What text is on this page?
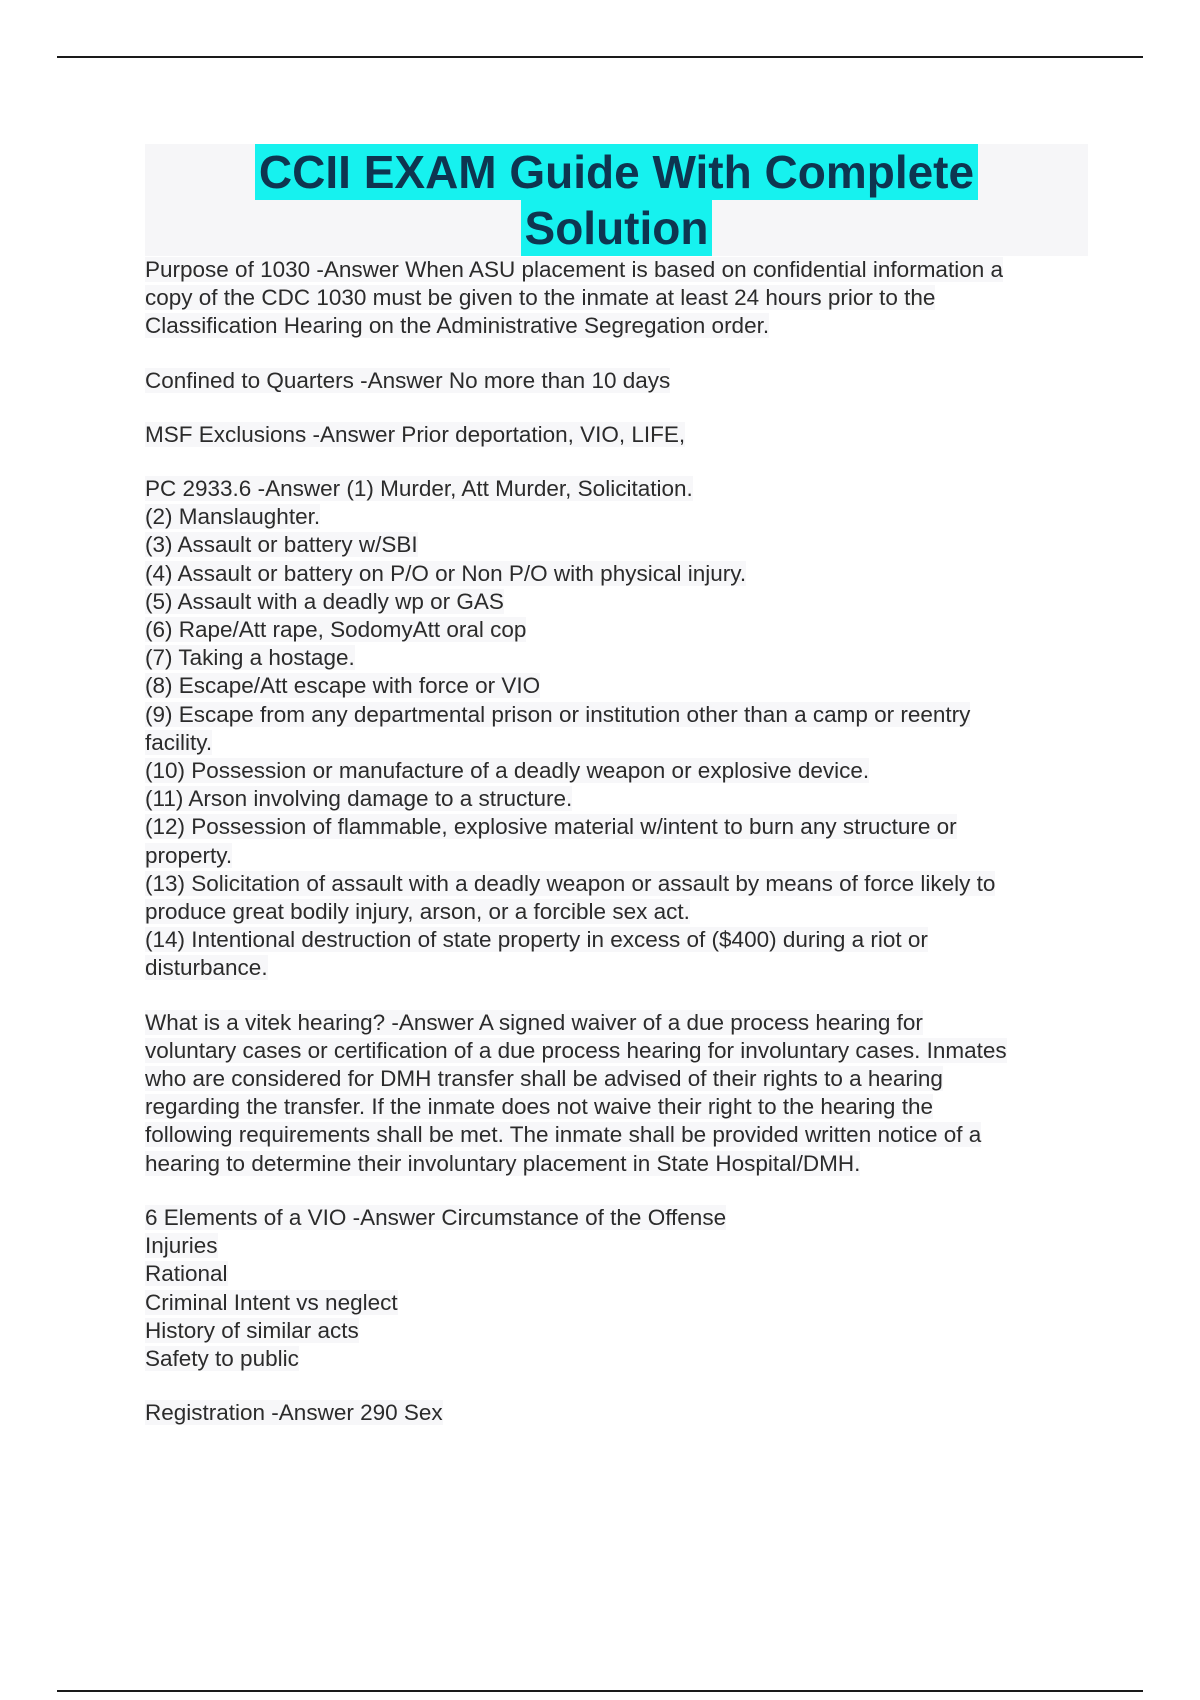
CCII EXAM Guide With Complete
Solution
Purpose of 1030 -Answer When ASU placement is based on confidential information a
copy of the CDC 1030 must be given to the inmate at least 24 hours prior to the
Classification Hearing on the Administrative Segregation order.
Confined to Quarters -Answer No more than 10 days
MSF Exclusions -Answer Prior deportation, VIO, LIFE,
PC 2933.6 -Answer (1) Murder, Att Murder, Solicitation.
(2) Manslaughter.
(3) Assault or battery w/SBI
(4) Assault or battery on P/O or Non P/O with physical injury.
(5) Assault with a deadly wp or GAS
(6) Rape/Att rape, SodomyAtt oral cop
(7) Taking a hostage.
(8) Escape/Att escape with force or VIO
(9) Escape from any departmental prison or institution other than a camp or reentry
facility.
(10) Possession or manufacture of a deadly weapon or explosive device.
(11) Arson involving damage to a structure.
(12) Possession of flammable, explosive material w/intent to burn any structure or
property.
(13) Solicitation of assault with a deadly weapon or assault by means of force likely to
produce great bodily injury, arson, or a forcible sex act.
(14) Intentional destruction of state property in excess of ($400) during a riot or
disturbance.
What is a vitek hearing? -Answer A signed waiver of a due process hearing for
voluntary cases or certification of a due process hearing for involuntary cases. Inmates
who are considered for DMH transfer shall be advised of their rights to a hearing
regarding the transfer. If the inmate does not waive their right to the hearing the
following requirements shall be met. The inmate shall be provided written notice of a
hearing to determine their involuntary placement in State Hospital/DMH.
6 Elements of a VIO -Answer Circumstance of the Offense
Injuries
Rational
Criminal Intent vs neglect
History of similar acts
Safety to public
Registration -Answer 290 Sex
